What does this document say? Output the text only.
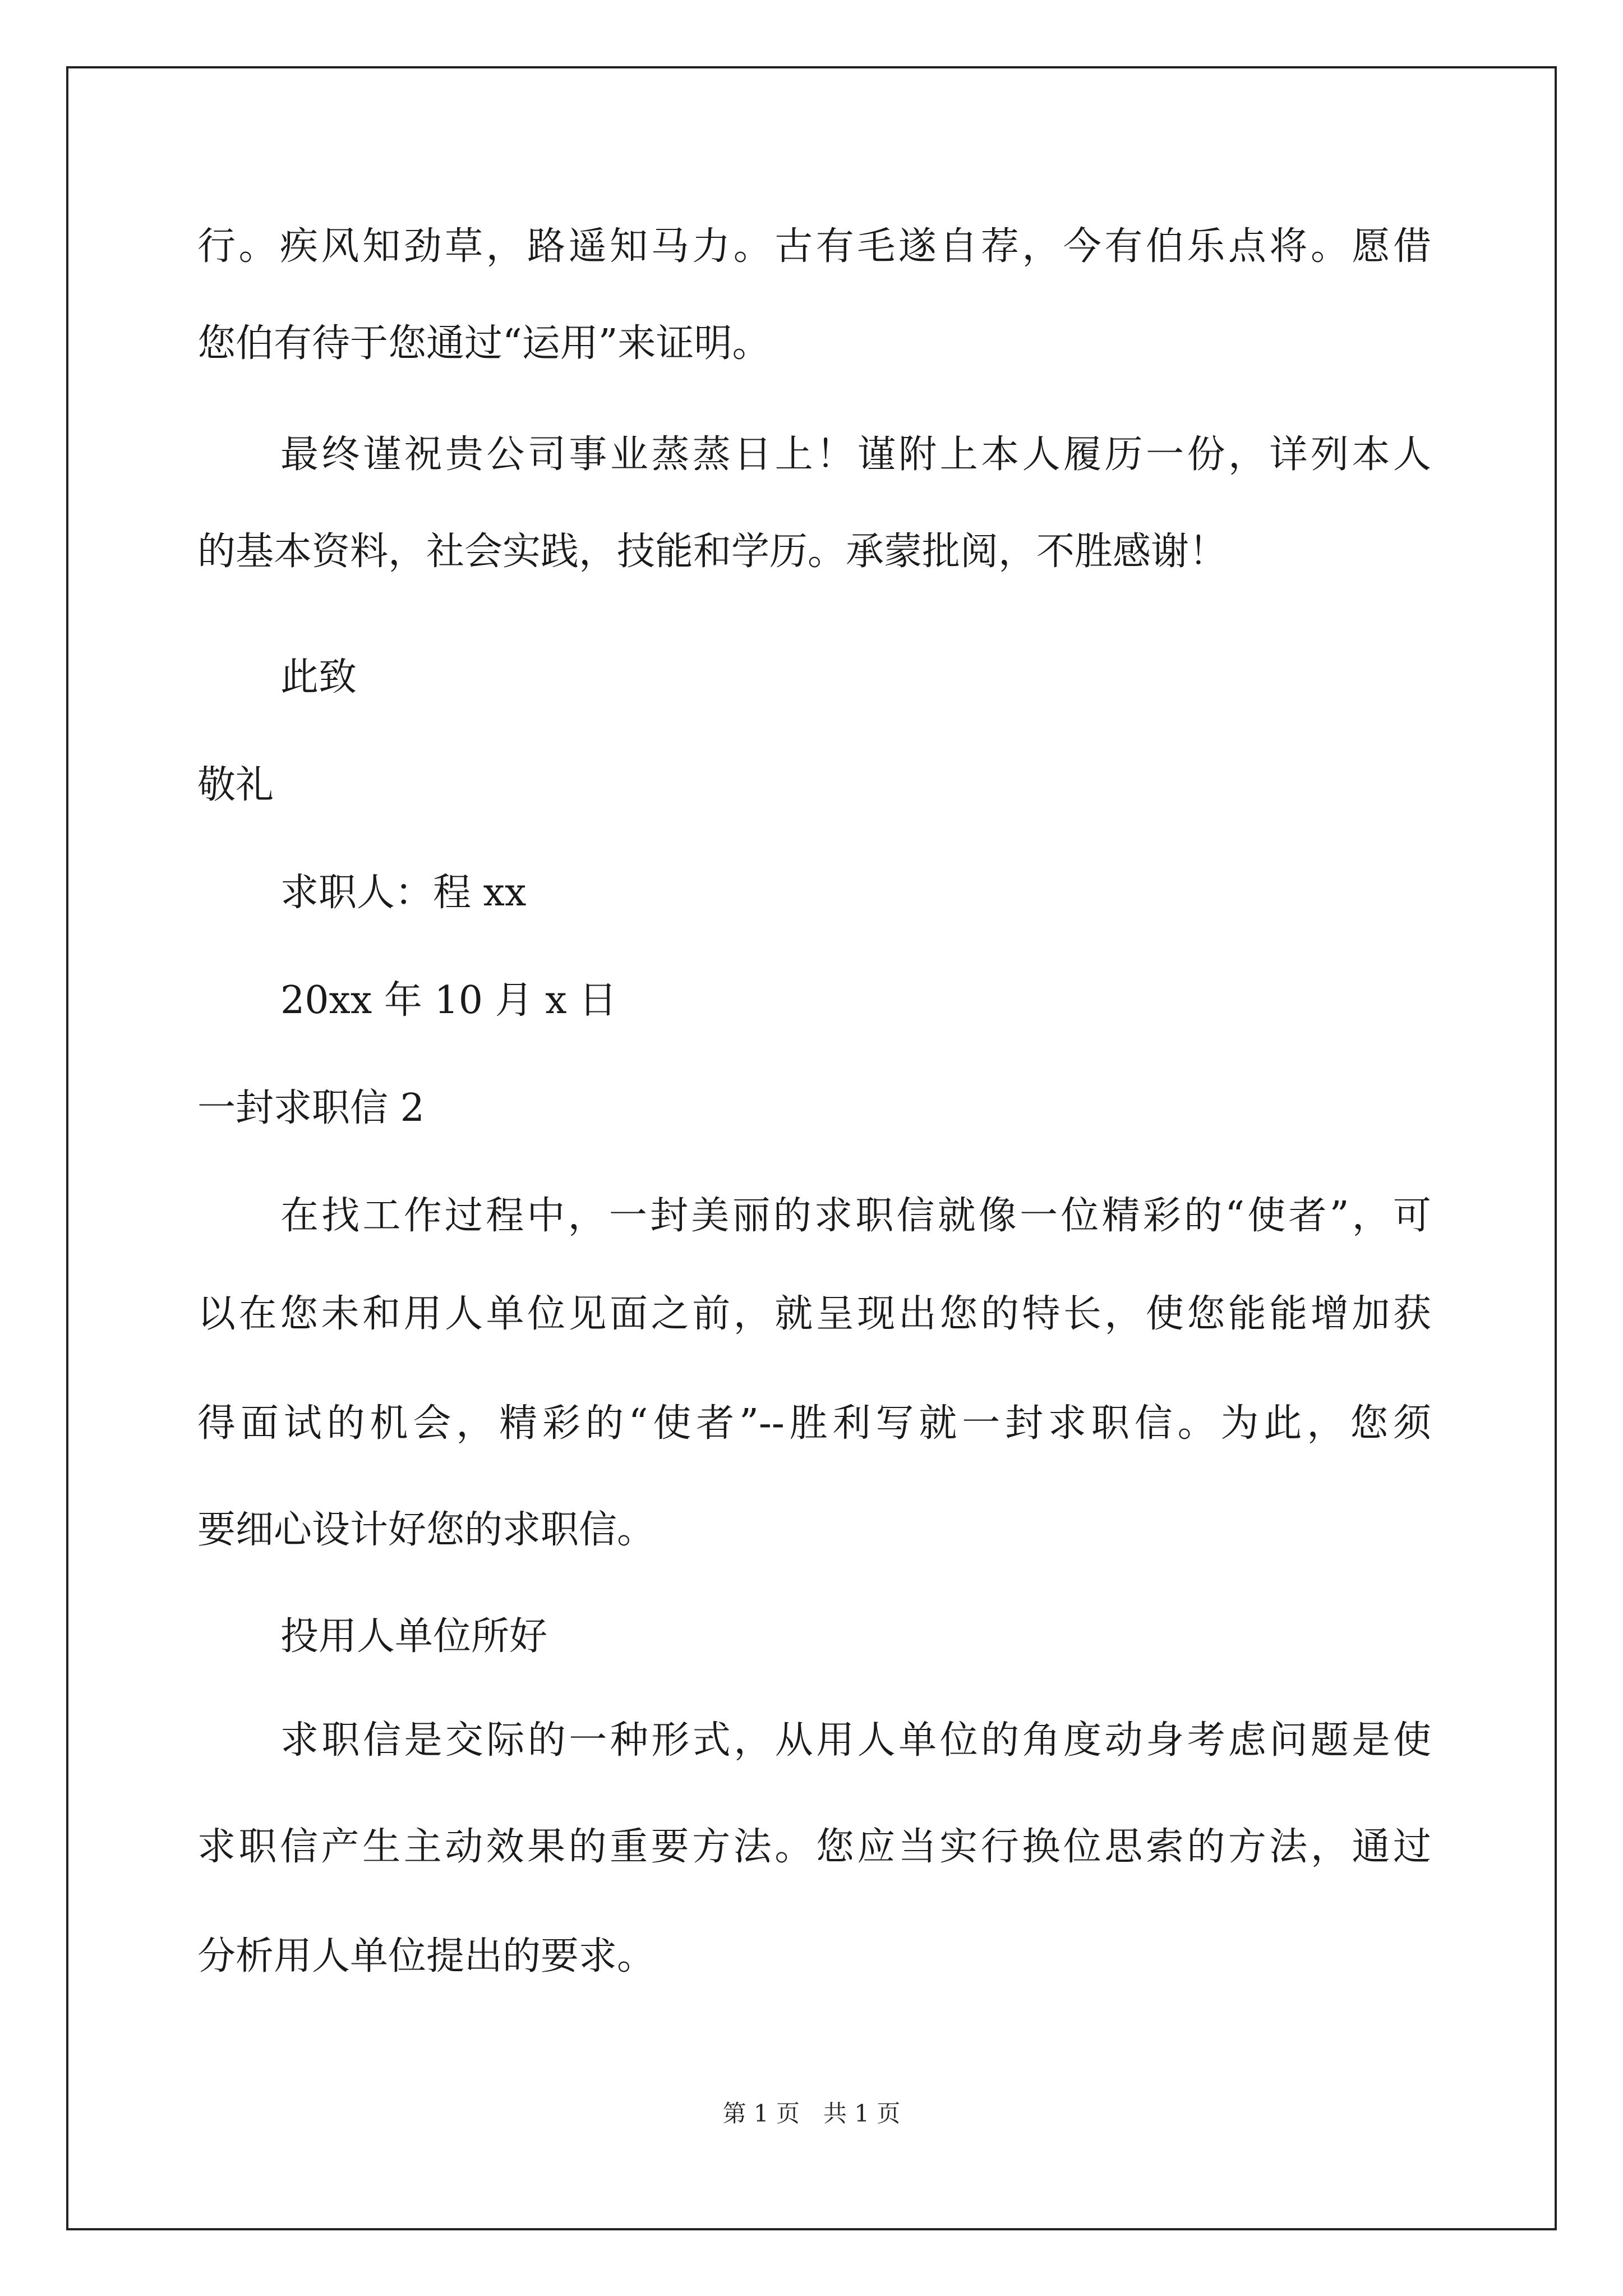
行。疾风知劲草，路遥知马力。古有毛遂自荐，今有伯乐点将。愿借
您伯有待于您通过“运用”来证明。
最终谨祝贵公司事业蒸蒸日上！谨附上本人履历一份，详列本人
的基本资料，社会实践，技能和学历。承蒙批阅，不胜感谢！
此致
敬礼
求职人：程 xx
20xx 年 10 月 x 日
一封求职信 2
在找工作过程中，一封美丽的求职信就像一位精彩的“使者”，可
以在您未和用人单位见面之前，就呈现出您的特长，使您能能增加获
得面试的机会，精彩的“使者”--胜利写就一封求职信。为此，您须
要细心设计好您的求职信。
投用人单位所好
求职信是交际的一种形式，从用人单位的角度动身考虑问题是使
求职信产生主动效果的重要方法。您应当实行换位思索的方法，通过
分析用人单位提出的要求。
第 1 页　共 1 页
